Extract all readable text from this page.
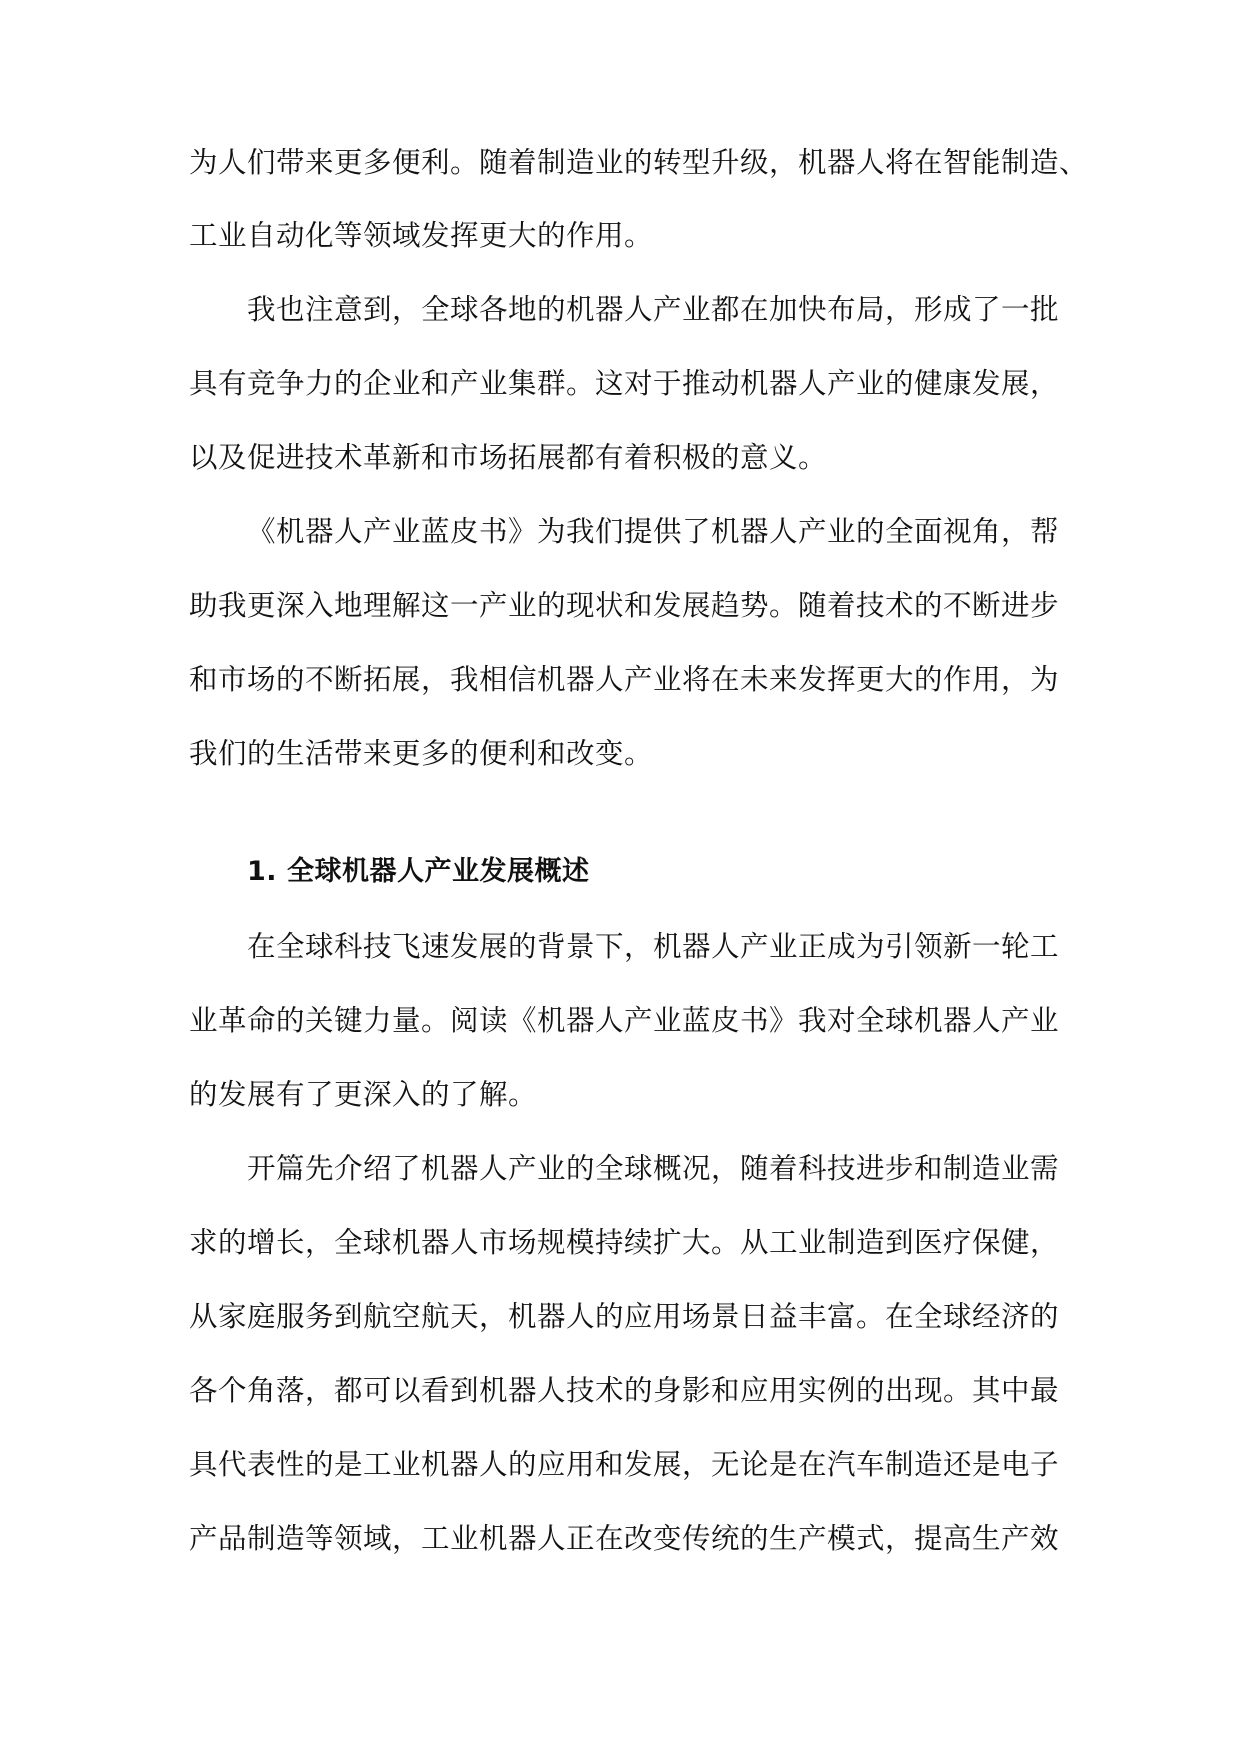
为人们带来更多便利。随着制造业的转型升级，机器人将在智能制造、
工业自动化等领域发挥更大的作用。
我也注意到，全球各地的机器人产业都在加快布局，形成了一批
具有竞争力的企业和产业集群。这对于推动机器人产业的健康发展，
以及促进技术革新和市场拓展都有着积极的意义。
《机器人产业蓝皮书》为我们提供了机器人产业的全面视角，帮
助我更深入地理解这一产业的现状和发展趋势。随着技术的不断进步
和市场的不断拓展，我相信机器人产业将在未来发挥更大的作用，为
我们的生活带来更多的便利和改变。
1. 全球机器人产业发展概述
在全球科技飞速发展的背景下，机器人产业正成为引领新一轮工
业革命的关键力量。阅读《机器人产业蓝皮书》我对全球机器人产业
的发展有了更深入的了解。
开篇先介绍了机器人产业的全球概况，随着科技进步和制造业需
求的增长，全球机器人市场规模持续扩大。从工业制造到医疗保健，
从家庭服务到航空航天，机器人的应用场景日益丰富。在全球经济的
各个角落，都可以看到机器人技术的身影和应用实例的出现。其中最
具代表性的是工业机器人的应用和发展，无论是在汽车制造还是电子
产品制造等领域，工业机器人正在改变传统的生产模式，提高生产效
